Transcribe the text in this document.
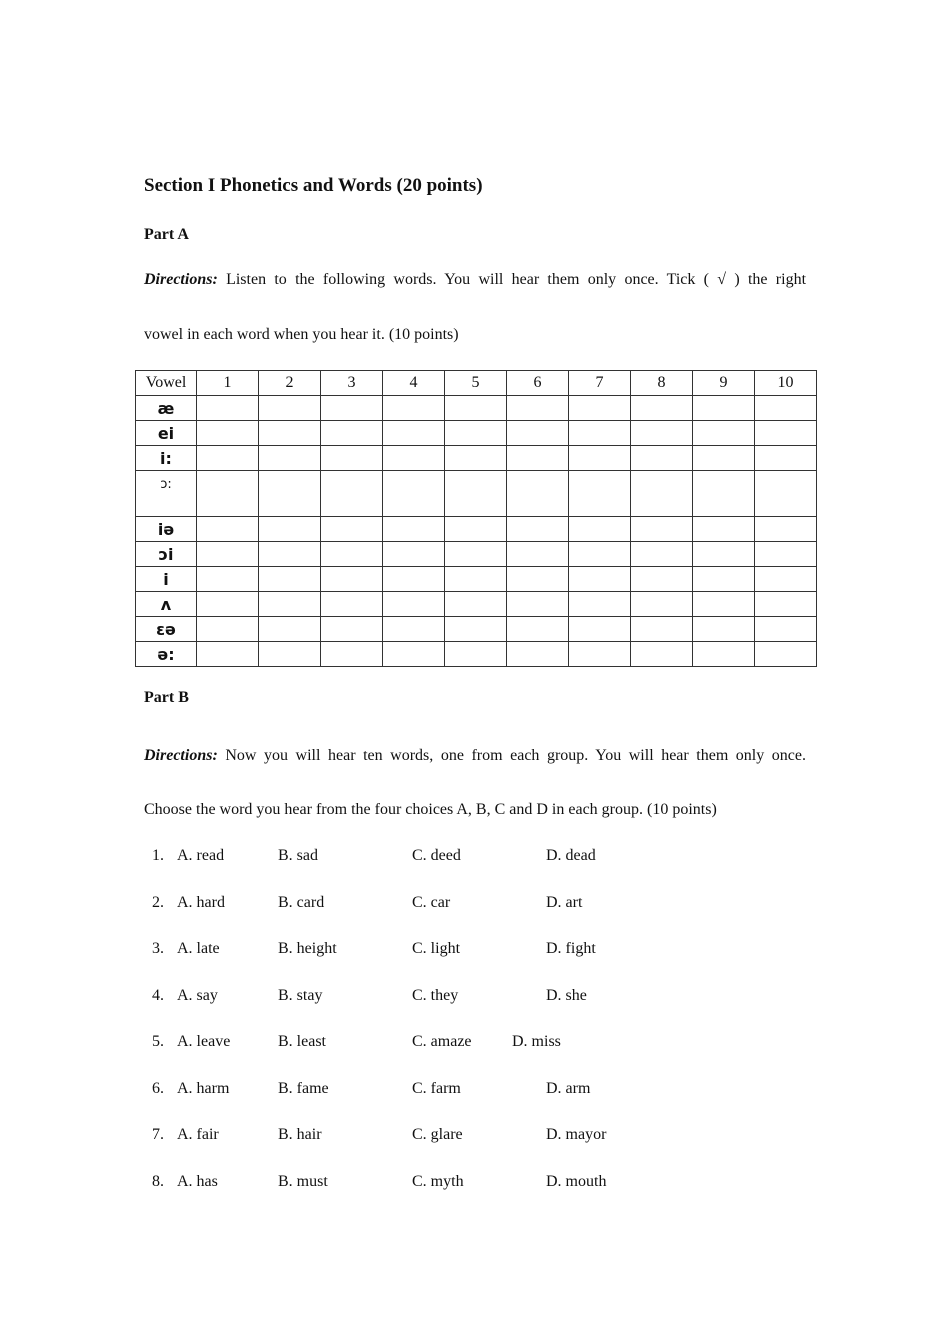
Section I Phonetics and Words (20 points)
Part A
Directions: Listen to the following words. You will hear them only once. Tick ( √ ) the right
vowel in each word when you hear it. (10 points)
Vowel	1	2	3	4	5	6	7	8	9	10
æ										
ei										
i:										
ɔ:										
iə										
ɔi										
i										
ʌ										
ɛə										
ə:										
Part B
Directions: Now you will hear ten words, one from each group. You will hear them only once.
Choose the word you hear from the four choices A, B, C and D in each group. (10 points)
1. A. read	B. sad	C. deed	D. dead
2. A. hard	B. card	C. car	D. art
3. A. late	B. height	C. light	D. fight
4. A. say	B. stay	C. they	D. she
5. A. leave	B. least	C. amaze	D. miss
6. A. harm	B. fame	C. farm	D. arm
7. A. fair	B. hair	C. glare	D. mayor
8. A. has	B. must	C. myth	D. mouth
